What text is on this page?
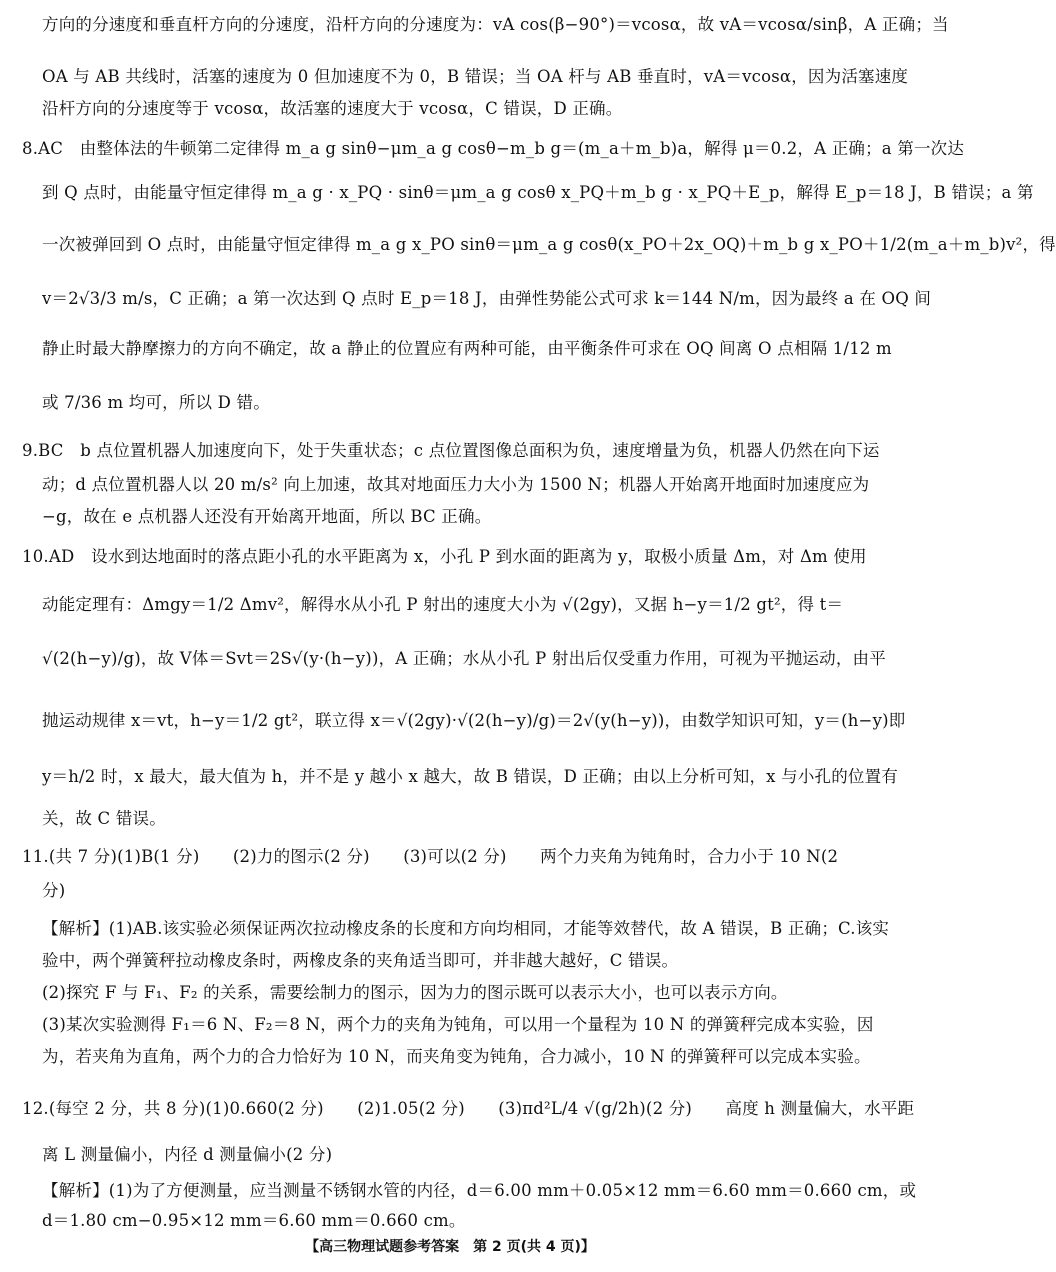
方向的分速度和垂直杆方向的分速度，沿杆方向的分速度为：vA cos(β−90°)＝vcosα，故 vA＝vcosα/sinβ，A 正确；当
OA 与 AB 共线时，活塞的速度为 0 但加速度不为 0，B 错误；当 OA 杆与 AB 垂直时，vA＝vcosα，因为活塞速度
沿杆方向的分速度等于 vcosα，故活塞的速度大于 vcosα，C 错误，D 正确。
8.AC　由整体法的牛顿第二定律得 m_a g sinθ−μm_a g cosθ−m_b g＝(m_a＋m_b)a，解得 μ＝0.2，A 正确；a 第一次达
到 Q 点时，由能量守恒定律得 m_a g · x_PQ · sinθ＝μm_a g cosθ x_PQ＋m_b g · x_PQ＋E_p，解得 E_p＝18 J，B 错误；a 第
一次被弹回到 O 点时，由能量守恒定律得 m_a g x_PO sinθ＝μm_a g cosθ(x_PO＋2x_OQ)＋m_b g x_PO＋1/2(m_a＋m_b)v²，得
v＝2√3/3 m/s，C 正确；a 第一次达到 Q 点时 E_p＝18 J，由弹性势能公式可求 k＝144 N/m，因为最终 a 在 OQ 间
静止时最大静摩擦力的方向不确定，故 a 静止的位置应有两种可能，由平衡条件可求在 OQ 间离 O 点相隔 1/12 m
或 7/36 m 均可，所以 D 错。
9.BC　b 点位置机器人加速度向下，处于失重状态；c 点位置图像总面积为负，速度增量为负，机器人仍然在向下运
动；d 点位置机器人以 20 m/s² 向上加速，故其对地面压力大小为 1500 N；机器人开始离开地面时加速度应为
−g，故在 e 点机器人还没有开始离开地面，所以 BC 正确。
10.AD　设水到达地面时的落点距小孔的水平距离为 x，小孔 P 到水面的距离为 y，取极小质量 Δm，对 Δm 使用
动能定理有：Δmgy＝1/2 Δmv²，解得水从小孔 P 射出的速度大小为 √(2gy)，又据 h−y＝1/2 gt²，得 t＝
√(2(h−y)/g)，故 V体＝Svt＝2S√(y·(h−y))，A 正确；水从小孔 P 射出后仅受重力作用，可视为平抛运动，由平
抛运动规律 x＝vt，h−y＝1/2 gt²，联立得 x＝√(2gy)·√(2(h−y)/g)＝2√(y(h−y))，由数学知识可知，y＝(h−y)即
y＝h/2 时，x 最大，最大值为 h，并不是 y 越小 x 越大，故 B 错误，D 正确；由以上分析可知，x 与小孔的位置有
关，故 C 错误。
11.(共 7 分)(1)B(1 分)　　(2)力的图示(2 分)　　(3)可以(2 分)　　两个力夹角为钝角时，合力小于 10 N(2
分)
【解析】(1)AB.该实验必须保证两次拉动橡皮条的长度和方向均相同，才能等效替代，故 A 错误，B 正确；C.该实
验中，两个弹簧秤拉动橡皮条时，两橡皮条的夹角适当即可，并非越大越好，C 错误。
(2)探究 F 与 F₁、F₂ 的关系，需要绘制力的图示，因为力的图示既可以表示大小，也可以表示方向。
(3)某次实验测得 F₁＝6 N、F₂＝8 N，两个力的夹角为钝角，可以用一个量程为 10 N 的弹簧秤完成本实验，因
为，若夹角为直角，两个力的合力恰好为 10 N，而夹角变为钝角，合力减小，10 N 的弹簧秤可以完成本实验。
12.(每空 2 分，共 8 分)(1)0.660(2 分)　　(2)1.05(2 分)　　(3)πd²L/4 √(g/2h)(2 分)　　高度 h 测量偏大，水平距
离 L 测量偏小，内径 d 测量偏小(2 分)
【解析】(1)为了方便测量，应当测量不锈钢水管的内径，d＝6.00 mm＋0.05×12 mm＝6.60 mm＝0.660 cm，或
d＝1.80 cm−0.95×12 mm＝6.60 mm＝0.660 cm。
【高三物理试题参考答案　第 2 页(共 4 页)】
